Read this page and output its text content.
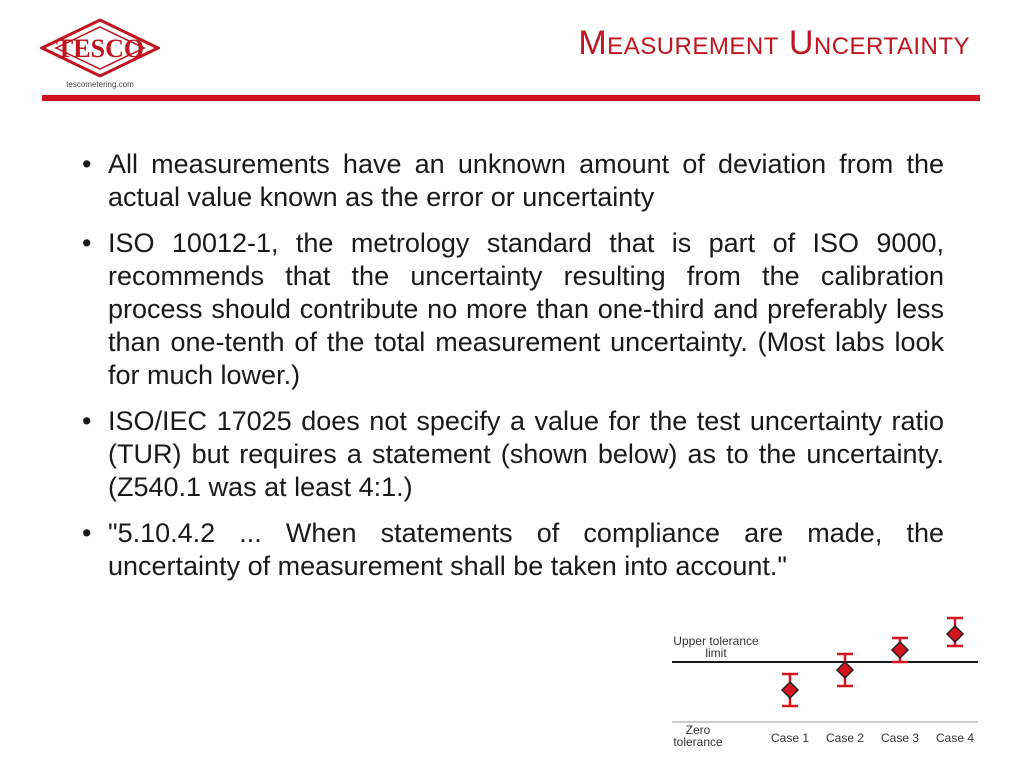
TESCO
tescometering.com
Measurement Uncertainty
• All measurements have an unknown amount of deviation from the actual value known as the error or uncertainty
• ISO 10012-1, the metrology standard that is part of ISO 9000, recommends that the uncertainty resulting from the calibration process should contribute no more than one-third and preferably less than one-tenth of the total measurement uncertainty. (Most labs look for much lower.)
• ISO/IEC 17025 does not specify a value for the test uncertainty ratio (TUR) but requires a statement (shown below) as to the uncertainty. (Z540.1 was at least 4:1.)
• "5.10.4.2 ... When statements of compliance are made, the uncertainty of measurement shall be taken into account."
Upper tolerance
limit
Zero
tolerance	Case 1 Case 2 Case 3 Case 4
